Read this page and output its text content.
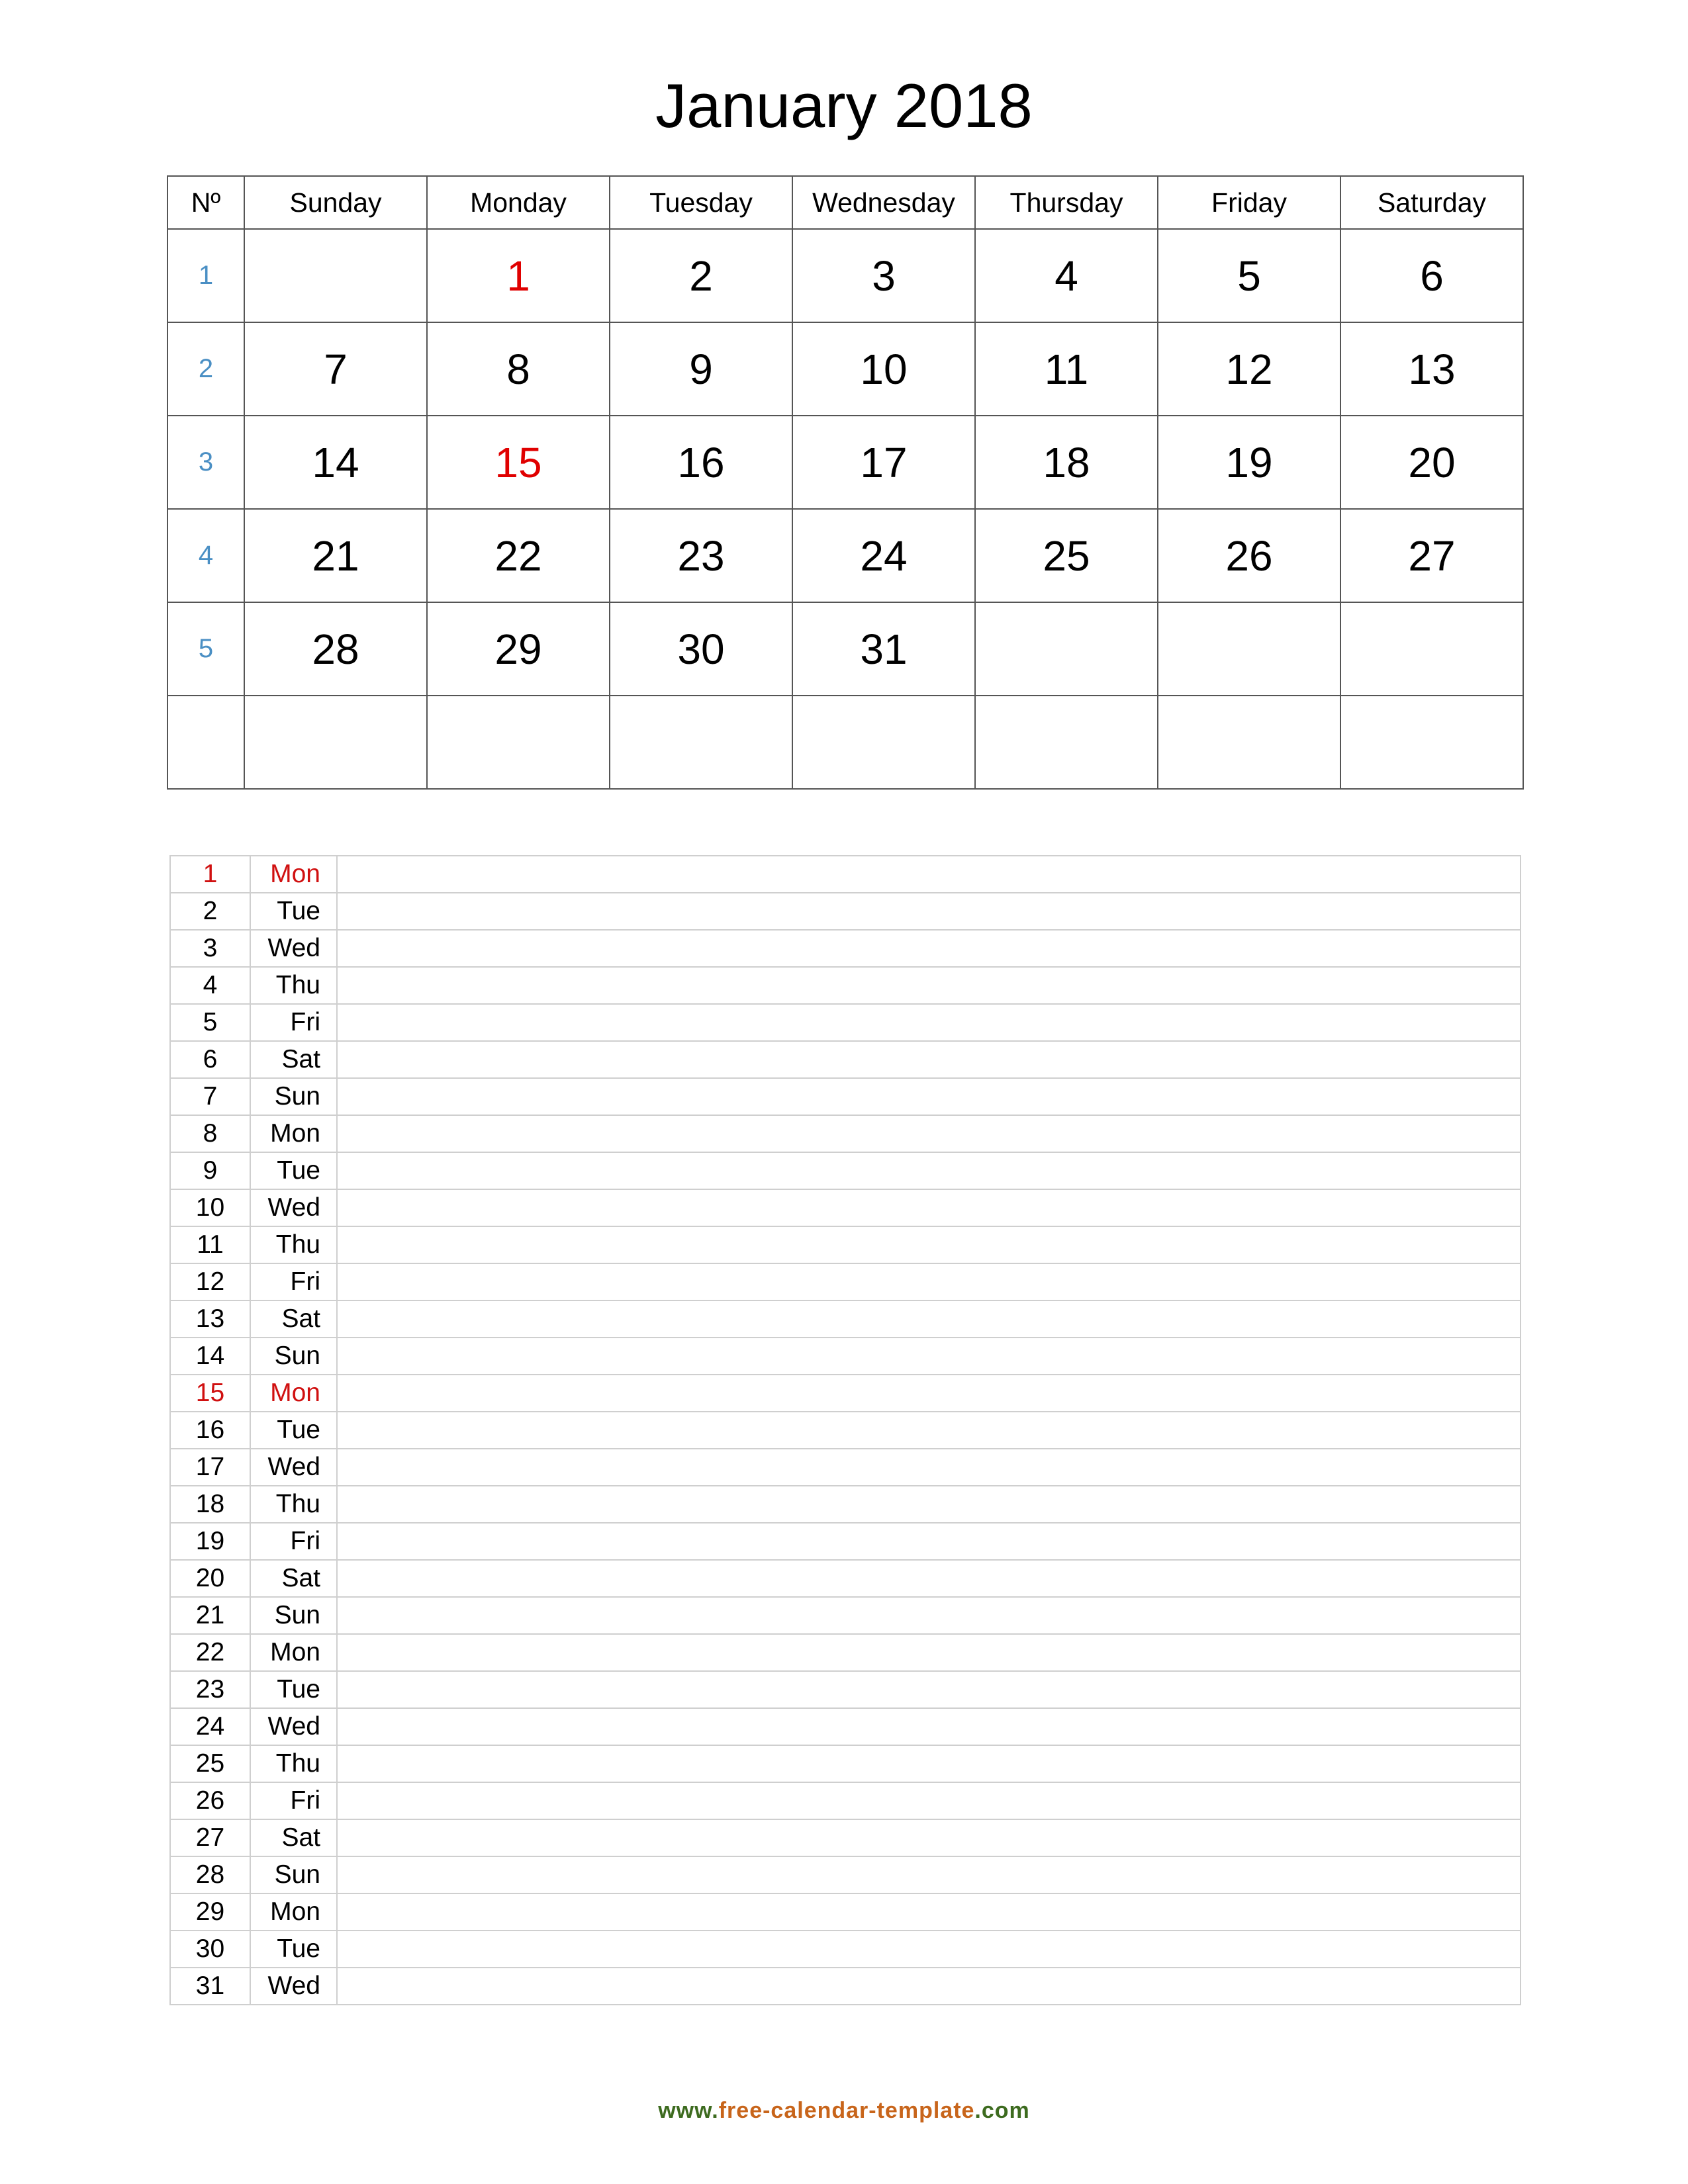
January 2018
Nº	Sunday	Monday	Tuesday	Wednesday	Thursday	Friday	Saturday
1		1	2	3	4	5	6
2	7	8	9	10	11	12	13
3	14	15	16	17	18	19	20
4	21	22	23	24	25	26	27
5	28	29	30	31			

1	Mon	
2	Tue	
3	Wed	
4	Thu	
5	Fri	
6	Sat	
7	Sun	
8	Mon	
9	Tue	
10	Wed	
11	Thu	
12	Fri	
13	Sat	
14	Sun	
15	Mon	
16	Tue	
17	Wed	
18	Thu	
19	Fri	
20	Sat	
21	Sun	
22	Mon	
23	Tue	
24	Wed	
25	Thu	
26	Fri	
27	Sat	
28	Sun	
29	Mon	
30	Tue	
31	Wed	
www.free-calendar-template.com
